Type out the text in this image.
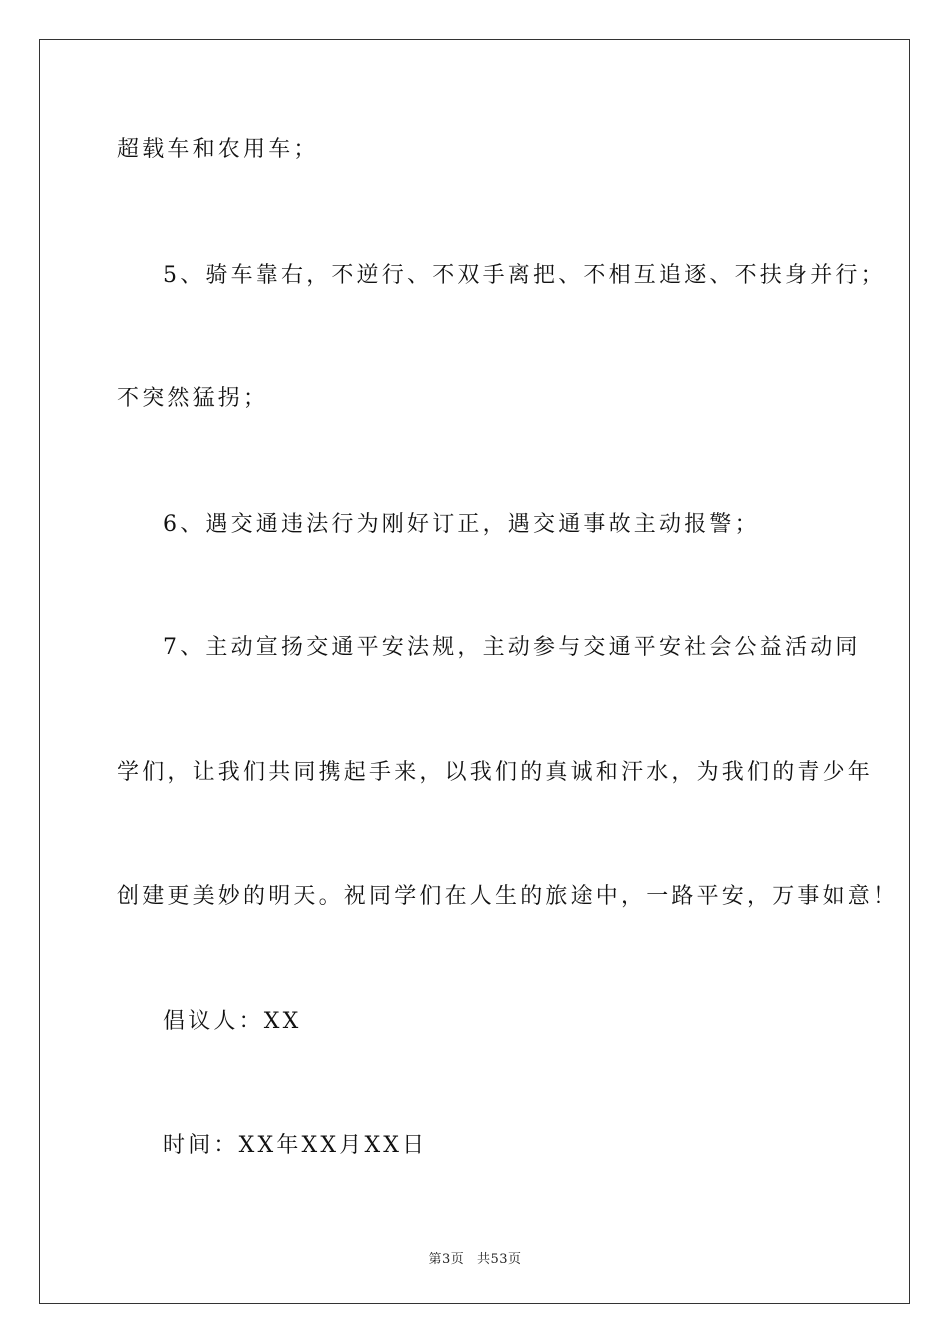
超载车和农用车；
5、骑车靠右，不逆行、不双手离把、不相互追逐、不扶身并行；
不突然猛拐；
6、遇交通违法行为刚好订正，遇交通事故主动报警；
7、主动宣扬交通平安法规，主动参与交通平安社会公益活动同
学们，让我们共同携起手来，以我们的真诚和汗水，为我们的青少年
创建更美妙的明天。祝同学们在人生的旅途中，一路平安，万事如意！
倡议人：XX
时间：XX年XX月XX日
第3页 共53页
